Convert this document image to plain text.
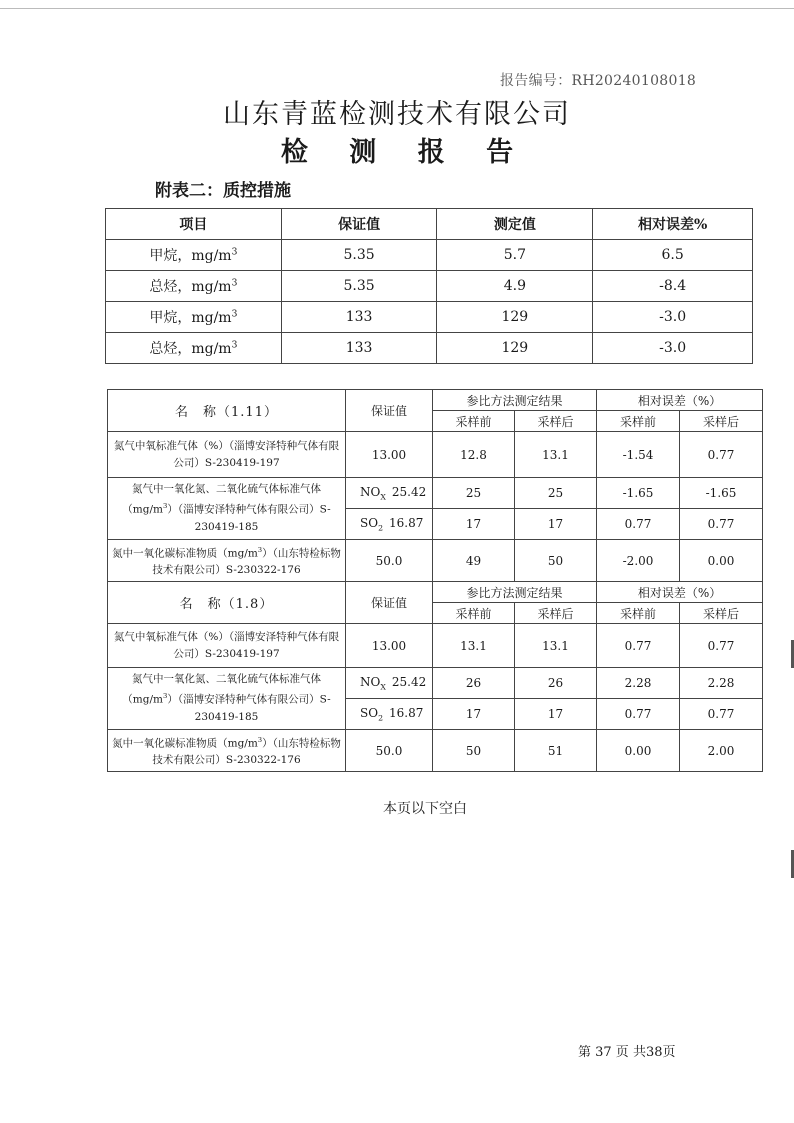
报告编号：RH20240108018
山东青蓝检测技术有限公司
检 测 报 告
附表二：质控措施
项目	保证值	测定值	相对误差%
甲烷，$mg/m^3$	5.35	5.7	6.5
总烃，$mg/m^3$	5.35	4.9	-8.4
甲烷，$mg/m^3$	133	129	-3.0
总烃，$mg/m^3$	133	129	-3.0
名　称（1.11）	保证值	参比方法测定结果		相对误差（%）	
		采样前	采样后	采样前	采样后
氮气中氧标准气体（%）（淄博安泽特种气体有限公司）S-230419-197	13.00	12.8	13.1	-1.54	0.77
氮气中一氧化氮、二氧化硫气体标准气体$(mg/m^3)$（淄博安泽特种气体有限公司）S-230419-185	$NO_X$ 25.42	25	25	-1.65	-1.65
	$SO_2$ 16.87	17	17	0.77	0.77
氮中一氧化碳标准物质$(mg/m^3)$（山东特检标物技术有限公司）S-230322-176	50.0	49	50	-2.00	0.00
名　称（1.8）	保证值	参比方法测定结果		相对误差（%）	
		采样前	采样后	采样前	采样后
氮气中氧标准气体（%）（淄博安泽特种气体有限公司）S-230419-197	13.00	13.1	13.1	0.77	0.77
氮气中一氧化氮、二氧化硫气体标准气体$(mg/m^3)$（淄博安泽特种气体有限公司）S-230419-185	$NO_X$ 25.42	26	26	2.28	2.28
	$SO_2$ 16.87	17	17	0.77	0.77
氮中一氧化碳标准物质$(mg/m^3)$（山东特检标物技术有限公司）S-230322-176	50.0	50	51	0.00	2.00
本页以下空白
第 37 页 共38页
